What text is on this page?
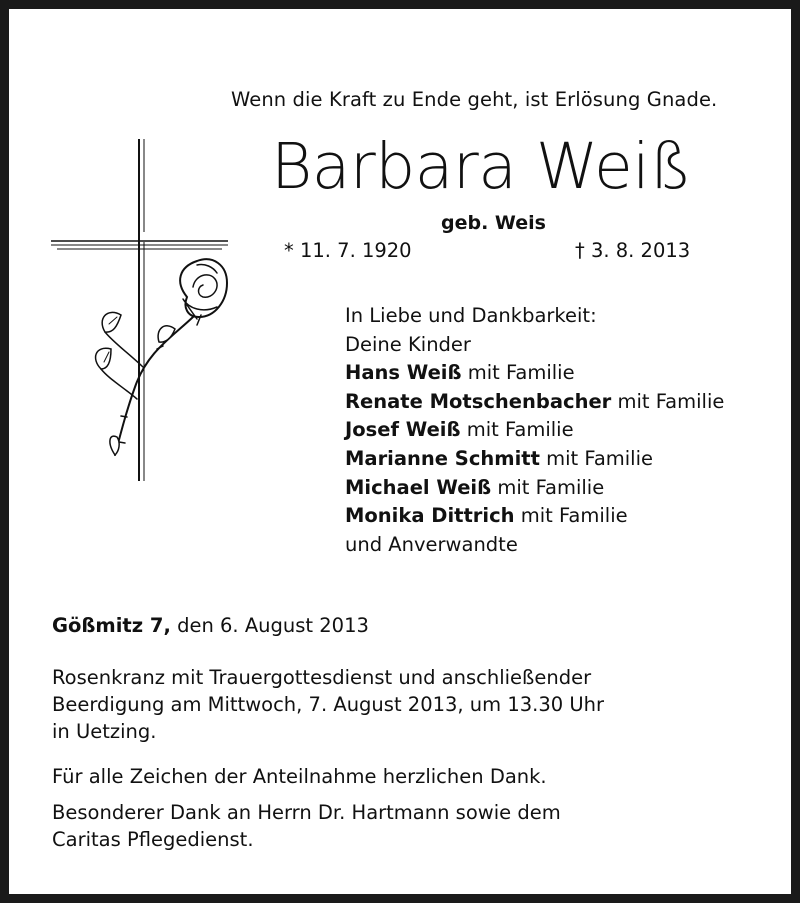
Wenn die Kraft zu Ende geht, ist Erlösung Gnade.
Barbara Weiß
geb. Weis
* 11. 7. 1920	† 3. 8. 2013
In Liebe und Dankbarkeit:
Deine Kinder
Hans Weiß mit Familie
Renate Motschenbacher mit Familie
Josef Weiß mit Familie
Marianne Schmitt mit Familie
Michael Weiß mit Familie
Monika Dittrich mit Familie
und Anverwandte
Gößmitz 7, den 6. August 2013
Rosenkranz mit Trauergottesdienst und anschließender
Beerdigung am Mittwoch, 7. August 2013, um 13.30 Uhr
in Uetzing.
Für alle Zeichen der Anteilnahme herzlichen Dank.
Besonderer Dank an Herrn Dr. Hartmann sowie dem
Caritas Pflegedienst.
